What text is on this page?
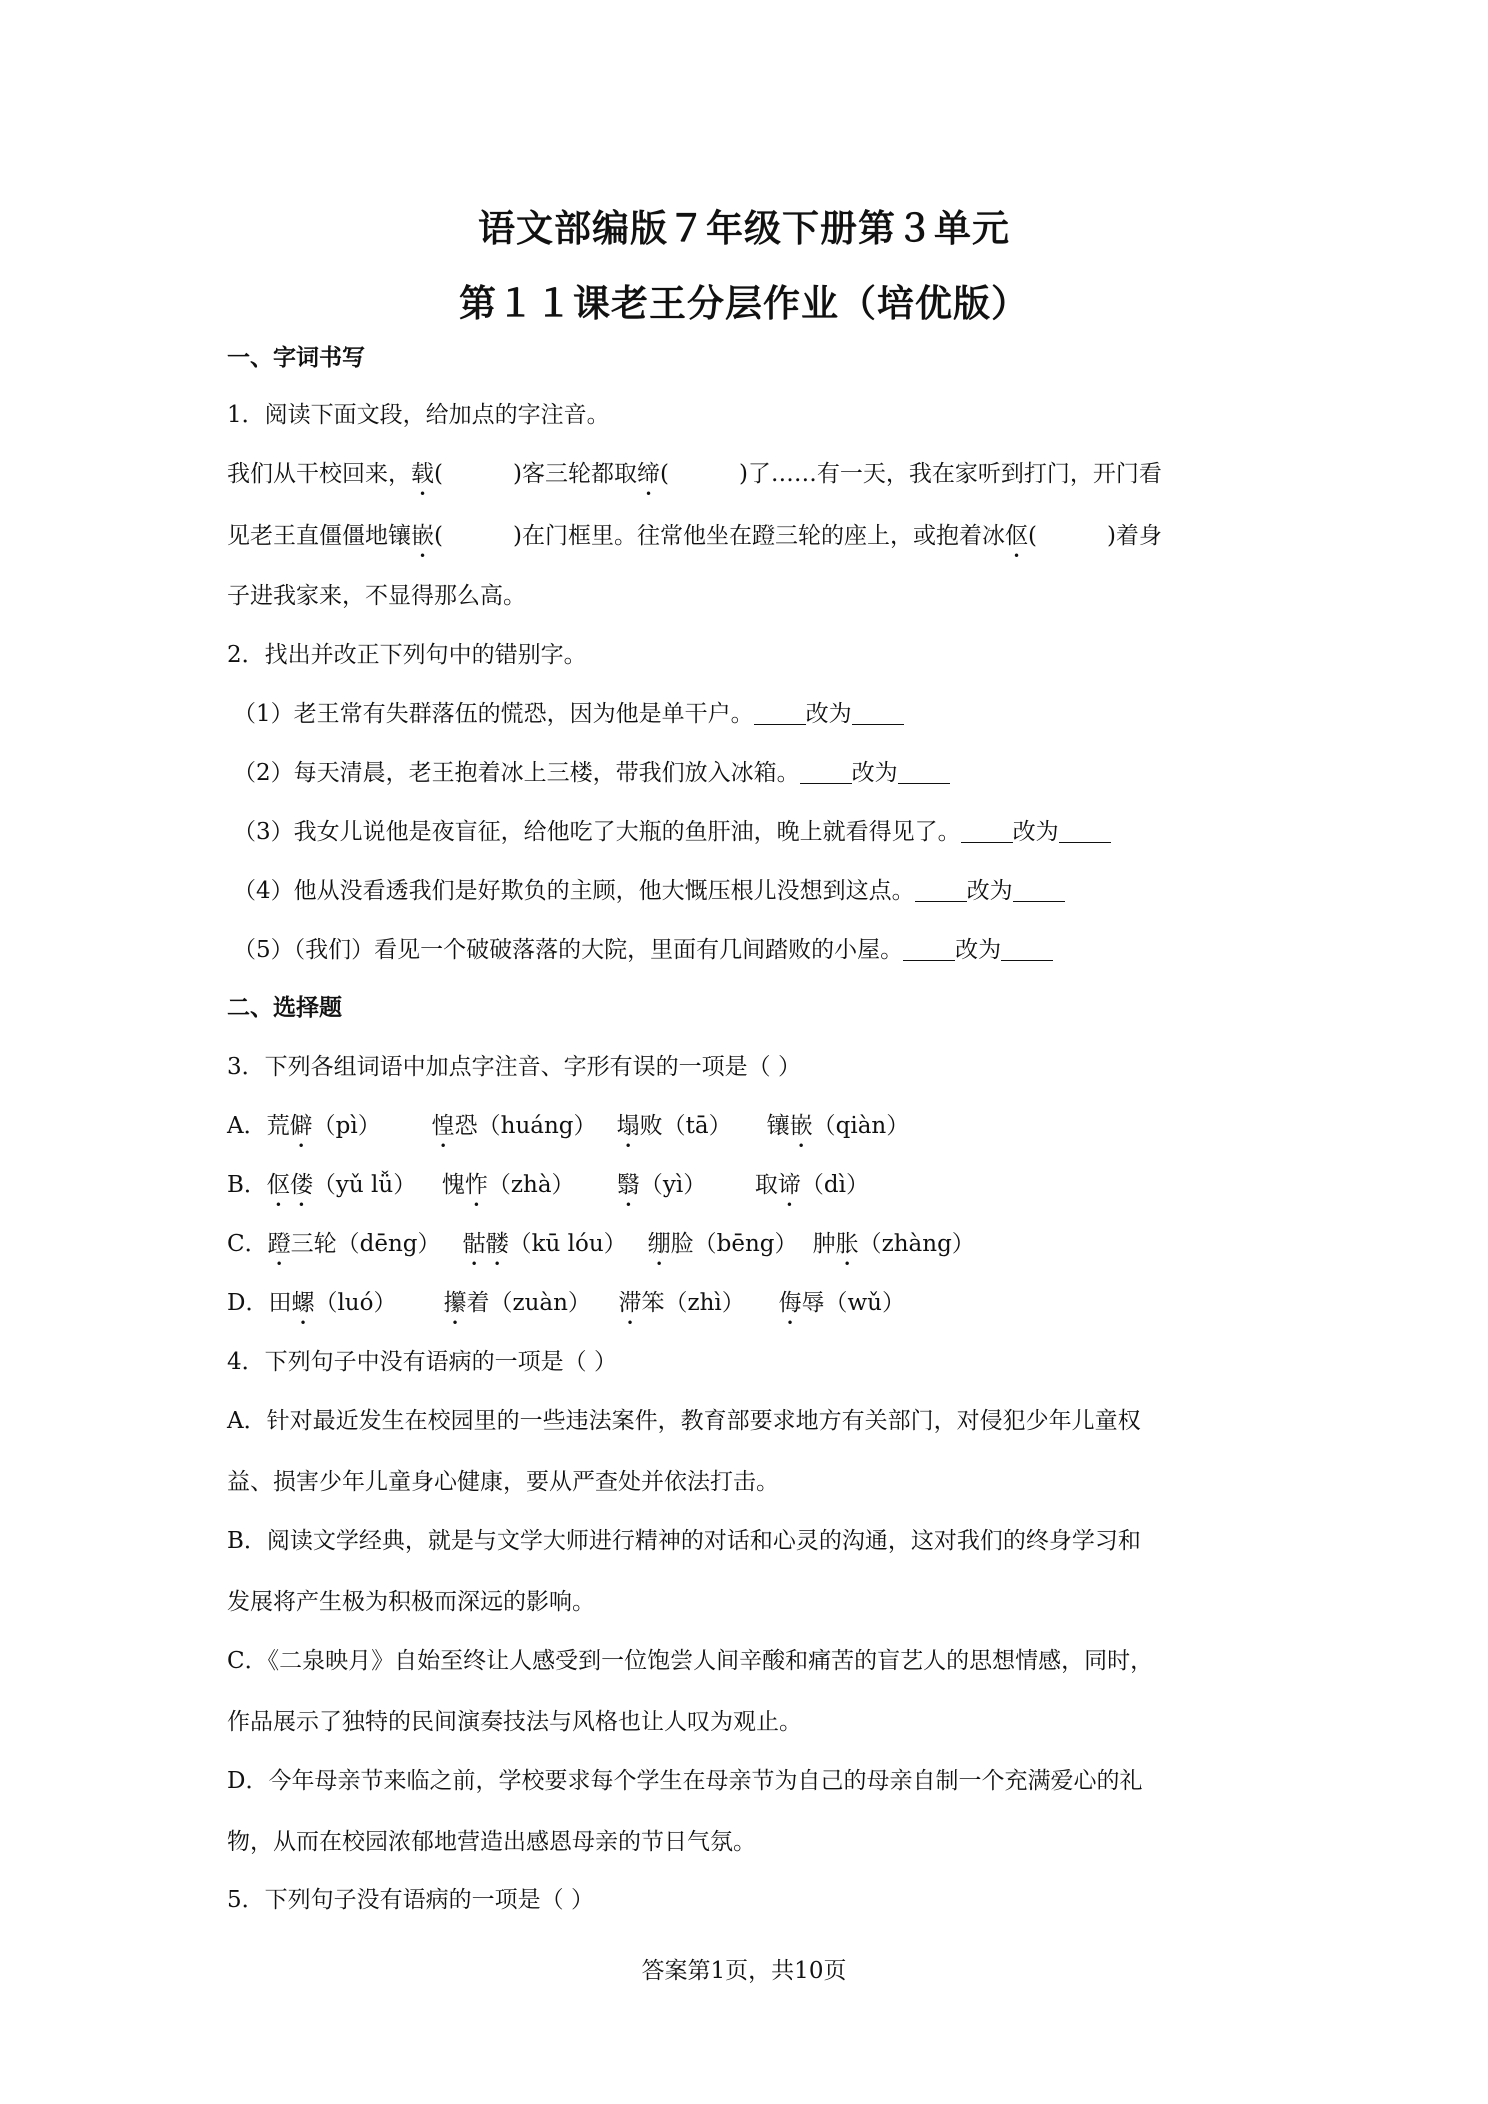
语文部编版７年级下册第３单元
第１１课老王分层作业（培优版）
一、字词书写
1．阅读下面文段，给加点的字注音。
我们从干校回来，载(	)客三轮都取缔(	)了……有一天，我在家听到打门，开门看
见老王直僵僵地镶嵌(	)在门框里。往常他坐在蹬三轮的座上，或抱着冰伛(	)着身
子进我家来，不显得那么高。
2．找出并改正下列句中的错别字。
（1）老王常有失群落伍的慌恐，因为他是单干户。 改为
（2）每天清晨，老王抱着冰上三楼，带我们放入冰箱。 改为
（3）我女儿说他是夜盲征，给他吃了大瓶的鱼肝油，晚上就看得见了。 改为
（4）他从没看透我们是好欺负的主顾，他大慨压根儿没想到这点。 改为
（5）（我们）看见一个破破落落的大院，里面有几间踏败的小屋。 改为
二、选择题
3．下列各组词语中加点字注音、字形有误的一项是（ ）
A．荒僻（pì） 惶恐（huáng） 塌败（tā） 镶嵌（qiàn）
B．伛偻（yǔ lǚ） 愧怍（zhà） 翳（yì） 取谛（dì）
C．蹬三轮（dēng） 骷髅（kū lóu） 绷脸（bēng） 肿胀（zhàng）
D．田螺（luó） 攥着（zuàn） 滞笨（zhì） 侮辱（wǔ）
4．下列句子中没有语病的一项是（ ）
A．针对最近发生在校园里的一些违法案件，教育部要求地方有关部门，对侵犯少年儿童权
益、损害少年儿童身心健康，要从严查处并依法打击。
B．阅读文学经典，就是与文学大师进行精神的对话和心灵的沟通，这对我们的终身学习和
发展将产生极为积极而深远的影响。
C．《二泉映月》自始至终让人感受到一位饱尝人间辛酸和痛苦的盲艺人的思想情感，同时，
作品展示了独特的民间演奏技法与风格也让人叹为观止。
D．今年母亲节来临之前，学校要求每个学生在母亲节为自己的母亲自制一个充满爱心的礼
物，从而在校园浓郁地营造出感恩母亲的节日气氛。
5．下列句子没有语病的一项是（ ）
答案第1页，共10页
